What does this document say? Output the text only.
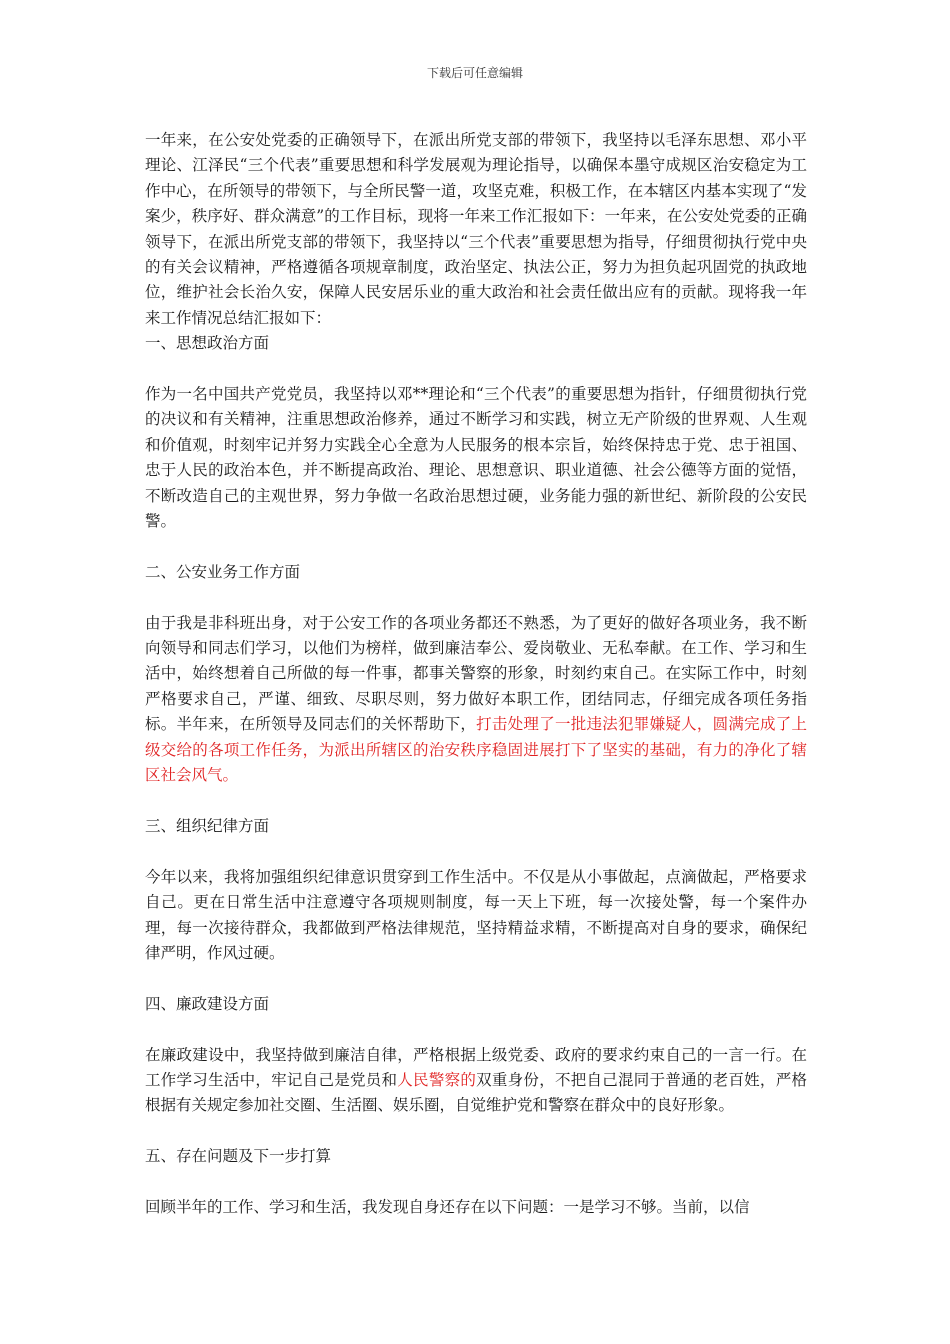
下载后可任意编辑

一年来，在公安处党委的正确领导下，在派出所党支部的带领下，我坚持以毛泽东思想、邓小平理论、江泽民“三个代表”重要思想和科学发展观为理论指导，以确保本墨守成规区治安稳定为工作中心，在所领导的带领下，与全所民警一道，攻坚克难，积极工作，在本辖区内基本实现了“发案少，秩序好、群众满意”的工作目标，现将一年来工作汇报如下：一年来，在公安处党委的正确领导下，在派出所党支部的带领下，我坚持以“三个代表”重要思想为指导，仔细贯彻执行党中央的有关会议精神，严格遵循各项规章制度，政治坚定、执法公正，努力为担负起巩固党的执政地位，维护社会长治久安，保障人民安居乐业的重大政治和社会责任做出应有的贡献。现将我一年来工作情况总结汇报如下：

一、思想政治方面

作为一名中国共产党党员，我坚持以邓**理论和“三个代表”的重要思想为指针，仔细贯彻执行党的决议和有关精神，注重思想政治修养，通过不断学习和实践，树立无产阶级的世界观、人生观和价值观，时刻牢记并努力实践全心全意为人民服务的根本宗旨，始终保持忠于党、忠于祖国、忠于人民的政治本色，并不断提高政治、理论、思想意识、职业道德、社会公德等方面的觉悟，不断改造自己的主观世界，努力争做一名政治思想过硬，业务能力强的新世纪、新阶段的公安民警。

二、公安业务工作方面

由于我是非科班出身，对于公安工作的各项业务都还不熟悉，为了更好的做好各项业务，我不断向领导和同志们学习，以他们为榜样，做到廉洁奉公、爱岗敬业、无私奉献。在工作、学习和生活中，始终想着自己所做的每一件事，都事关警察的形象，时刻约束自己。在实际工作中，时刻严格要求自己，严谨、细致、尽职尽则，努力做好本职工作，团结同志，仔细完成各项任务指标。半年来，在所领导及同志们的关怀帮助下，打击处理了一批违法犯罪嫌疑人，圆满完成了上级交给的各项工作任务，为派出所辖区的治安秩序稳固进展打下了坚实的基础，有力的净化了辖区社会风气。

三、组织纪律方面

今年以来，我将加强组织纪律意识贯穿到工作生活中。不仅是从小事做起，点滴做起，严格要求自己。更在日常生活中注意遵守各项规则制度，每一天上下班，每一次接处警，每一个案件办理，每一次接待群众，我都做到严格法律规范，坚持精益求精，不断提高对自身的要求，确保纪律严明，作风过硬。

四、廉政建设方面

在廉政建设中，我坚持做到廉洁自律，严格根据上级党委、政府的要求约束自己的一言一行。在工作学习生活中，牢记自己是党员和人民警察的双重身份，不把自己混同于普通的老百姓，严格根据有关规定参加社交圈、生活圈、娱乐圈，自觉维护党和警察在群众中的良好形象。

五、存在问题及下一步打算

回顾半年的工作、学习和生活，我发现自身还存在以下问题：一是学习不够。当前，以信
